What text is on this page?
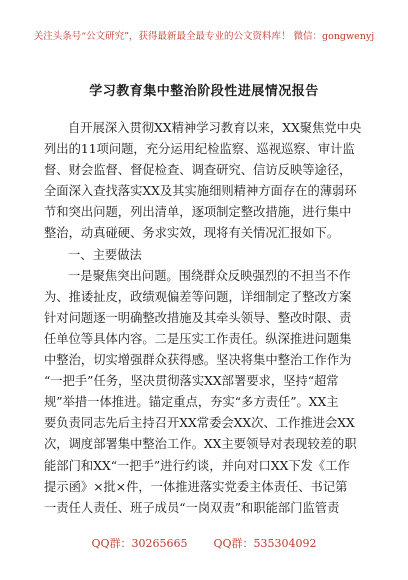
关注头条号“公文研究”，获得最新最全最专业的公文资料库！ 微信：gongwenyj
学习教育集中整治阶段性进展情况报告
自开展深入贯彻XX精神学习教育以来，XX聚焦党中央
列出的11项问题，充分运用纪检监察、巡视巡察、审计监
督、财会监督、督促检查、调查研究、信访反映等途径，
全面深入查找落实XX及其实施细则精神方面存在的薄弱环
节和突出问题，列出清单，逐项制定整改措施，进行集中
整治，动真碰硬、务求实效，现将有关情况汇报如下。
一、主要做法
一是聚焦突出问题。围绕群众反映强烈的不担当不作
为、推诿扯皮，政绩观偏差等问题，详细制定了整改方案
针对问题逐一明确整改措施及其牵头领导、整改时限、责
任单位等具体内容。二是压实工作责任。纵深推进问题集
中整治，切实增强群众获得感。坚决将集中整治工作作为
“一把手”任务，坚决贯彻落实XX部署要求，坚持“超常
规”举措一体推进。锚定重点，夯实“多方责任”。XX主
要负责同志先后主持召开XX常委会XX次、工作推进会XX
次，调度部署集中整治工作。XX主要领导对表现较差的职
能部门和XX“一把手”进行约谈，并向对口XX下发《工作
提示函》×批×件，一体推进落实党委主体责任、书记第
一责任人责任、班子成员“一岗双责”和职能部门监管责
QQ群：30265665 QQ群：535304092
